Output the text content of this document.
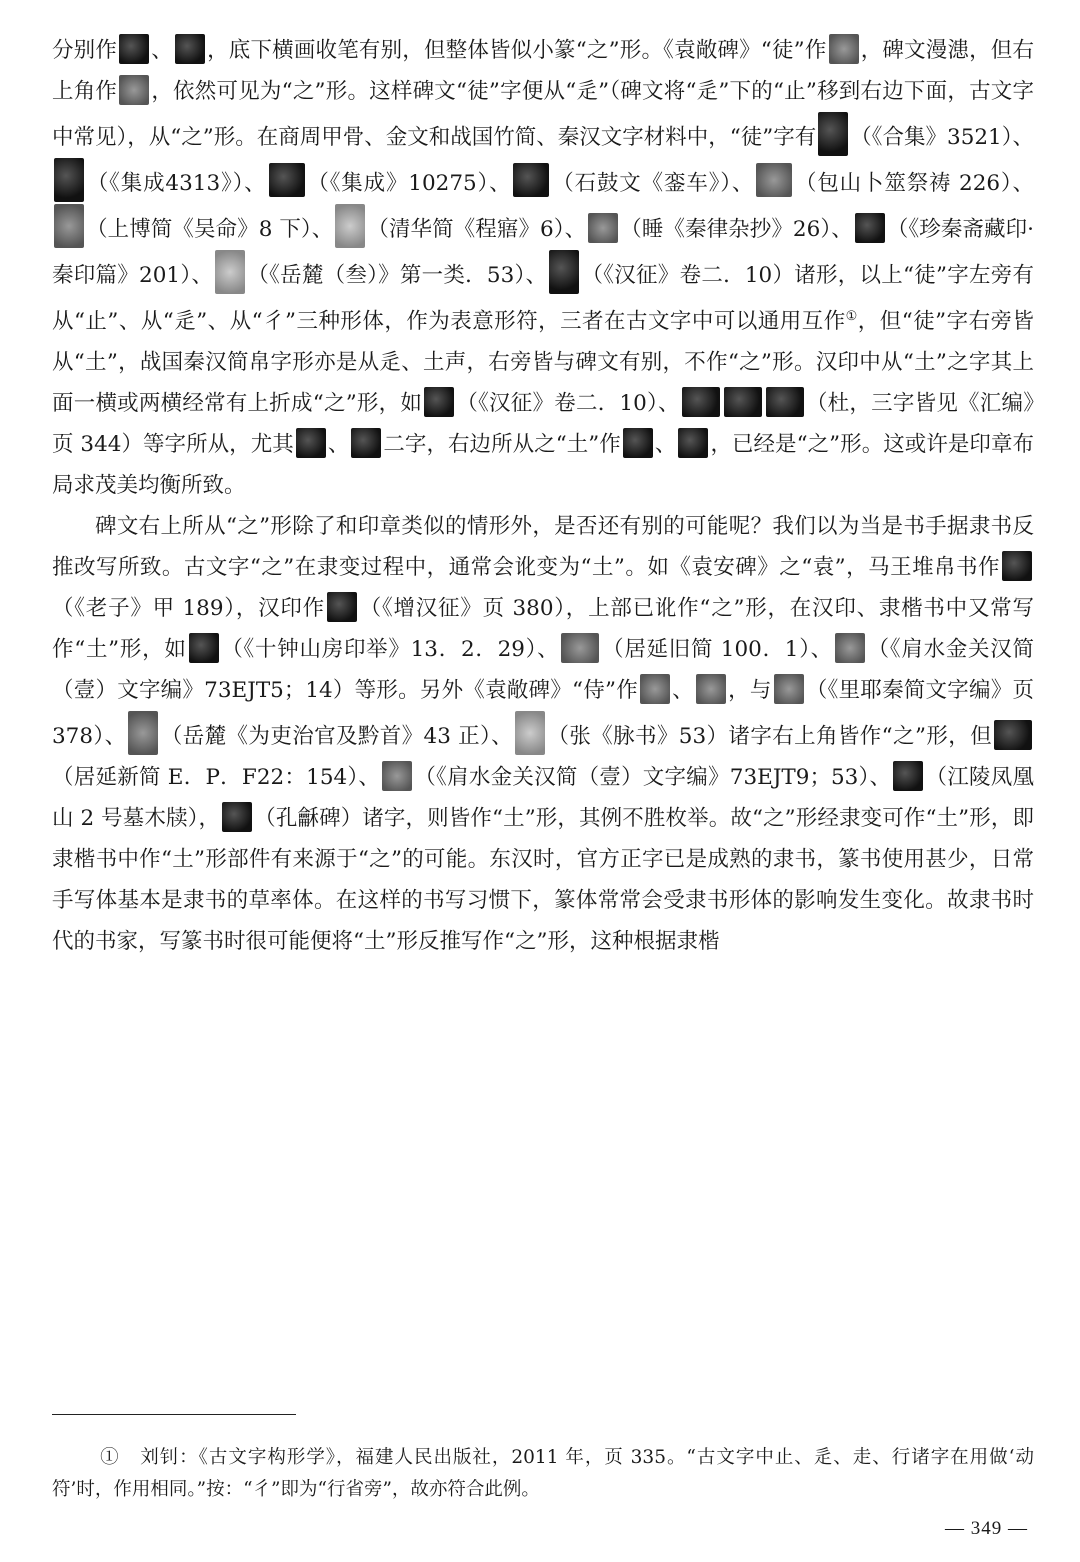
分别作 、 ，底下横画收笔有别，但整体皆似小篆“之”形。《袁敞碑》“徒”作 ，碑文漫漶，但右上角作 ，依然可见为“之”形。这样碑文“徒”字便从“辵”（碑文将“辵”下的“止”移到右边下面，古文字中常见），从“之”形。在商周甲骨、金文和战国竹简、秦汉文字材料中，“徒”字有 （《合集》3521）、（《集成4313》）、 （《集成》10275）、 （石鼓文《銮车》）、 （包山卜筮祭祷 226）、（上博简《吴命》8 下）、 （清华简《程寤》6）、 （睡《秦律杂抄》26）、 （《珍秦斋藏印·秦印篇》201）、 （《岳麓（叁）》第一类．53）、 （《汉征》卷二．10）诸形，以上“徒”字左旁有从“止”、从“辵”、从“彳”三种形体，作为表意形符，三者在古文字中可以通用互作①，但“徒”字右旁皆从“土”，战国秦汉简帛字形亦是从辵、土声，右旁皆与碑文有别，不作“之”形。汉印中从“土”之字其上面一横或两横经常有上折成“之”形，如 （《汉征》卷二．10）、	（杜，三字皆见《汇编》页 344）等字所从，尤其 、 二字，右边所从之“土”作 、 ，已经是“之”形。这或许是印章布局求茂美均衡所致。

碑文右上所从“之”形除了和印章类似的情形外，是否还有别的可能呢？我们以为当是书手据隶书反推改写所致。古文字“之”在隶变过程中，通常会讹变为“土”。如《袁安碑》之“袁”，马王堆帛书作（《老子》甲 189），汉印作 （《增汉征》页 380），上部已讹作“之”形，在汉印、隶楷书中又常写作“土”形，如 （《十钟山房印举》13．2．29）、 （居延旧简 100．1）、 （《肩水金关汉简（壹）文字编》73EJT5；14）等形。另外《袁敞碑》“侍”作 、 ，与 （《里耶秦简文字编》页 378）、 （岳麓《为吏治官及黔首》43 正）、 （张《脉书》53）诸字右上角皆作“之”形，但（居延新简 E．P．F22：154）、 （《肩水金关汉简（壹）文字编》73EJT9；53）、 （江陵凤凰山 2 号墓木牍）， （孔龢碑）诸字，则皆作“土”形，其例不胜枚举。故“之”形经隶变可作“土”形，即隶楷书中作“土”形部件有来源于“之”的可能。东汉时，官方正字已是成熟的隶书，篆书使用甚少，日常手写体基本是隶书的草率体。在这样的书写习惯下，篆体常常会受隶书形体的影响发生变化。故隶书时代的书家，写篆书时很可能便将“土”形反推写作“之”形，这种根据隶楷

① 刘钊：《古文字构形学》，福建人民出版社，2011 年，页 335。“古文字中止、辵、走、行诸字在用做‘动符’时，作用相同。”按：“彳”即为“行省旁”，故亦符合此例。

— 349 —
